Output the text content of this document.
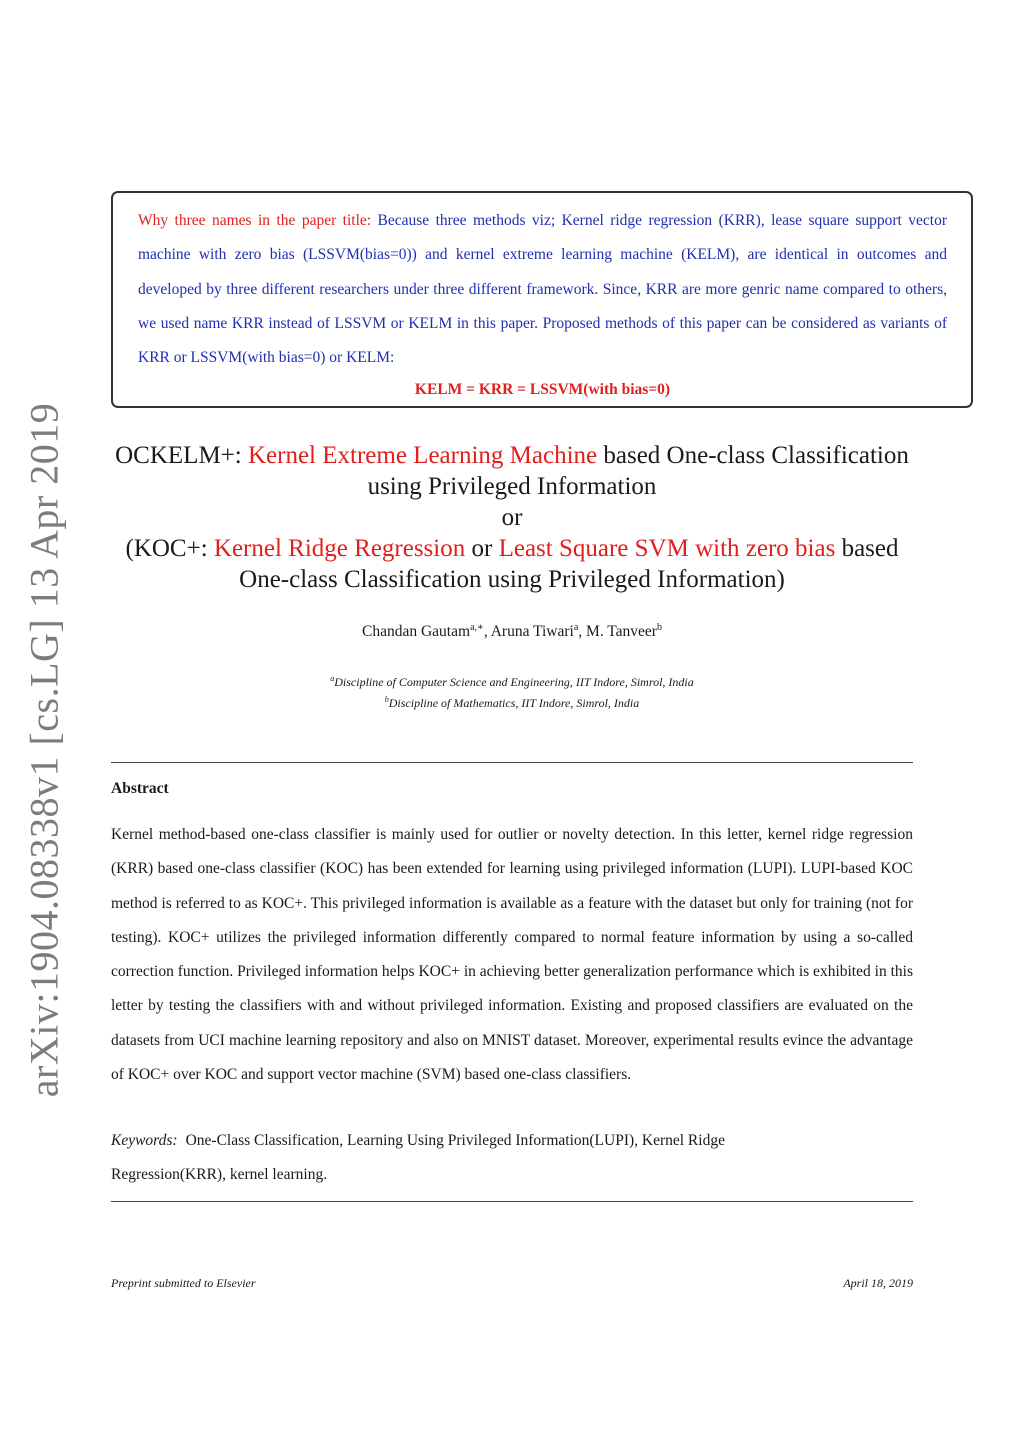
Why three names in the paper title: Because three methods viz; Kernel ridge regression (KRR), lease square support vector machine with zero bias (LSSVM(bias=0)) and kernel extreme learning machine (KELM), are identical in outcomes and developed by three different researchers under three different framework. Since, KRR are more genric name compared to others, we used name KRR instead of LSSVM or KELM in this paper. Proposed methods of this paper can be considered as variants of KRR or LSSVM(with bias=0) or KELM:
KELM = KRR = LSSVM(with bias=0)
arXiv:1904.08338v1 [cs.LG] 13 Apr 2019	OCKELM+: Kernel Extreme Learning Machine based One-class Classification
using Privileged Information
or
(KOC+: Kernel Ridge Regression or Least Square SVM with zero bias based
One-class Classification using Privileged Information)
Chandan Gautam$^{a,∗}$, Aruna Tiwari$^a$, M. Tanveer$^b$
$^a$Discipline of Computer Science and Engineering, IIT Indore, Simrol, India
$^b$Discipline of Mathematics, IIT Indore, Simrol, India
Abstract
Kernel method-based one-class classifier is mainly used for outlier or novelty detection. In this letter, kernel ridge regression (KRR) based one-class classifier (KOC) has been extended for learning using privileged information (LUPI). LUPI-based KOC method is referred to as KOC+. This privileged information is available as a feature with the dataset but only for training (not for testing). KOC+ utilizes the privileged information differently compared to normal feature information by using a so-called correction function. Privileged information helps KOC+ in achieving better generalization performance which is exhibited in this letter by testing the classifiers with and without privileged information. Existing and proposed classifiers are evaluated on the datasets from UCI machine learning repository and also on MNIST dataset. Moreover, experimental results evince the advantage of KOC+ over KOC and support vector machine (SVM) based one-class classifiers.
Keywords: One-Class Classification, Learning Using Privileged Information(LUPI), Kernel Ridge Regression(KRR), kernel learning.
Preprint submitted to Elsevier	April 18, 2019
